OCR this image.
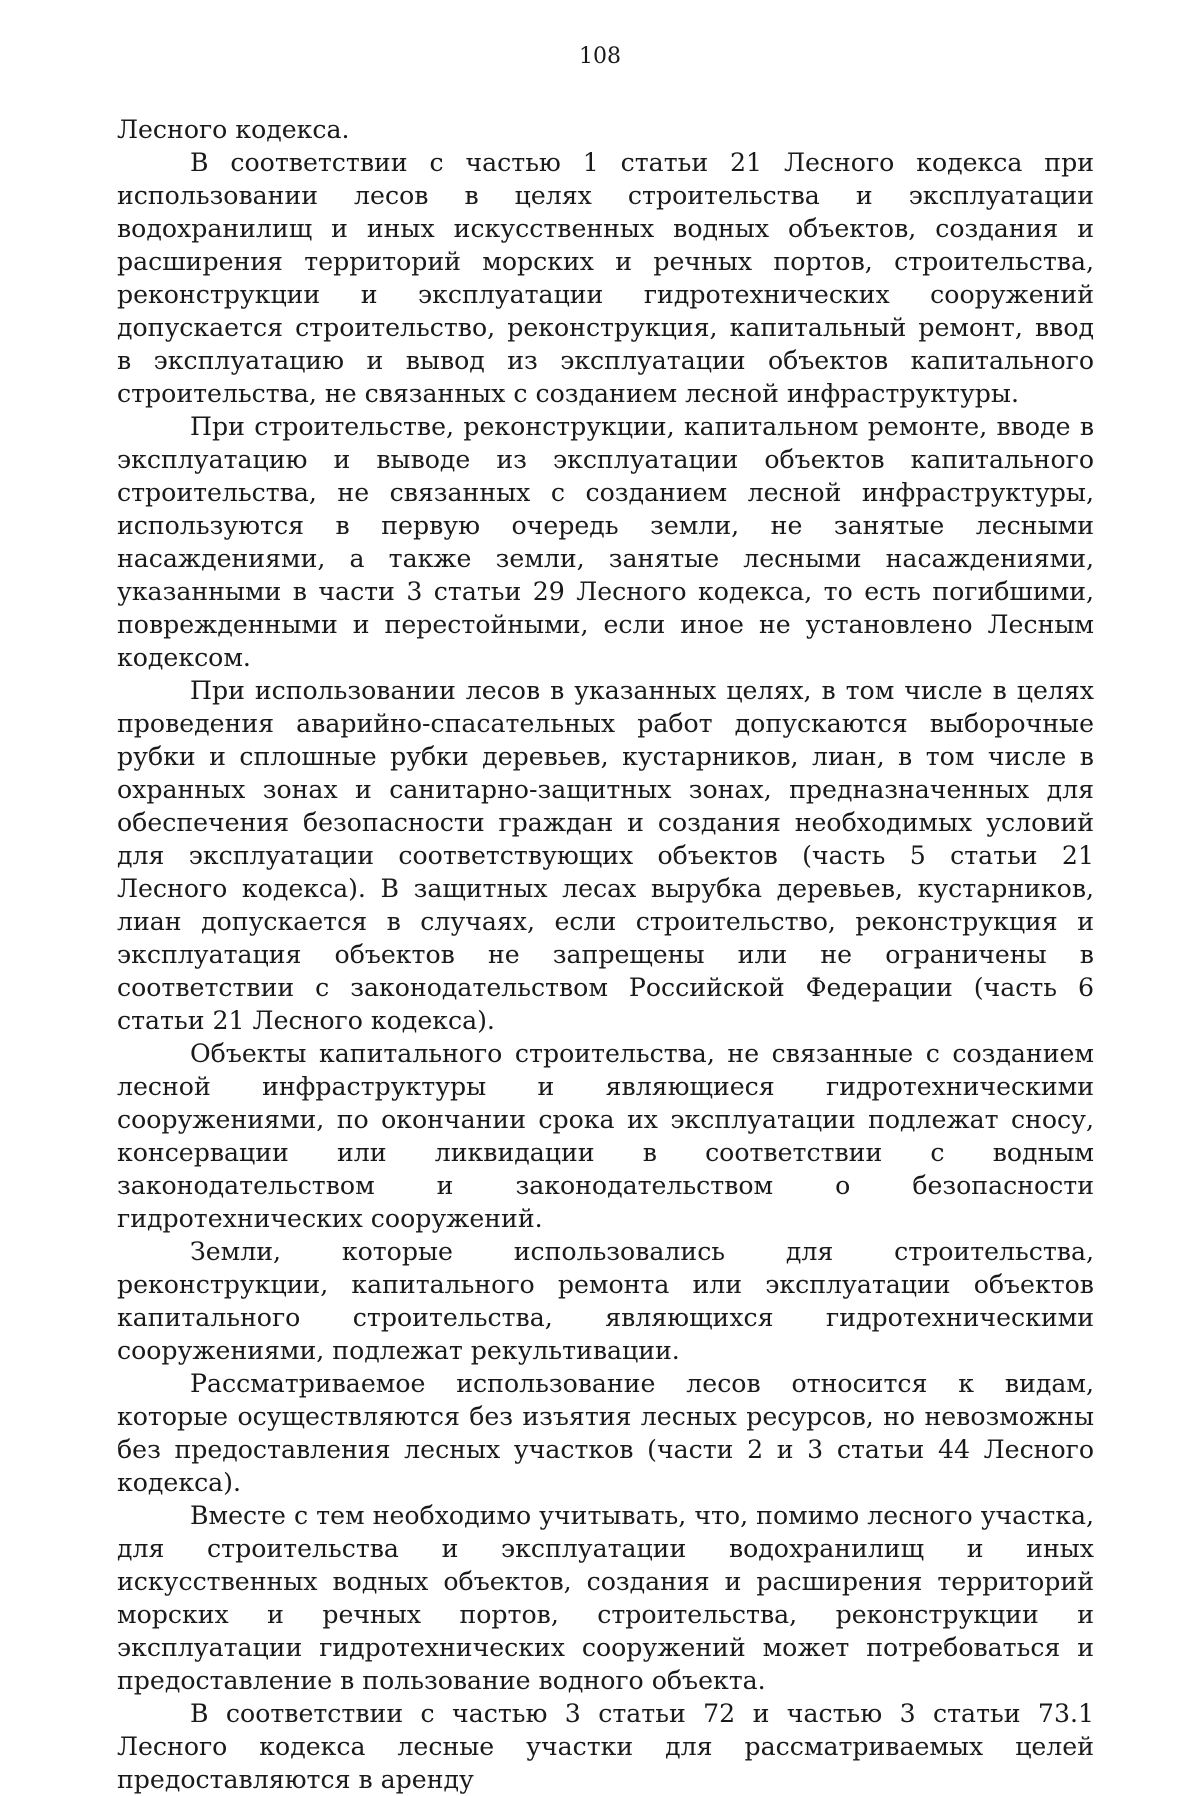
108

Лесного кодекса.

В соответствии с частью 1 статьи 21 Лесного кодекса при использовании лесов в целях строительства и эксплуатации водохранилищ и иных искусственных водных объектов, создания и расширения территорий морских и речных портов, строительства, реконструкции и эксплуатации гидротехнических сооружений допускается строительство, реконструкция, капитальный ремонт, ввод в эксплуатацию и вывод из эксплуатации объектов капитального строительства, не связанных с созданием лесной инфраструктуры.

При строительстве, реконструкции, капитальном ремонте, вводе в эксплуатацию и выводе из эксплуатации объектов капитального строительства, не связанных с созданием лесной инфраструктуры, используются в первую очередь земли, не занятые лесными насаждениями, а также земли, занятые лесными насаждениями, указанными в части 3 статьи 29 Лесного кодекса, то есть погибшими, поврежденными и перестойными, если иное не установлено Лесным кодексом.

При использовании лесов в указанных целях, в том числе в целях проведения аварийно-спасательных работ допускаются выборочные рубки и сплошные рубки деревьев, кустарников, лиан, в том числе в охранных зонах и санитарно-защитных зонах, предназначенных для обеспечения безопасности граждан и создания необходимых условий для эксплуатации соответствующих объектов (часть 5 статьи 21 Лесного кодекса). В защитных лесах вырубка деревьев, кустарников, лиан допускается в случаях, если строительство, реконструкция и эксплуатация объектов не запрещены или не ограничены в соответствии с законодательством Российской Федерации (часть 6 статьи 21 Лесного кодекса).

Объекты капитального строительства, не связанные с созданием лесной инфраструктуры и являющиеся гидротехническими сооружениями, по окончании срока их эксплуатации подлежат сносу, консервации или ликвидации в соответствии с водным законодательством и законодательством о безопасности гидротехнических сооружений.

Земли, которые использовались для строительства, реконструкции, капитального ремонта или эксплуатации объектов капитального строительства, являющихся гидротехническими сооружениями, подлежат рекультивации.

Рассматриваемое использование лесов относится к видам, которые осуществляются без изъятия лесных ресурсов, но невозможны без предоставления лесных участков (части 2 и 3 статьи 44 Лесного кодекса).

Вместе с тем необходимо учитывать, что, помимо лесного участка, для строительства и эксплуатации водохранилищ и иных искусственных водных объектов, создания и расширения территорий морских и речных портов, строительства, реконструкции и эксплуатации гидротехнических сооружений может потребоваться и предоставление в пользование водного объекта.

В соответствии с частью 3 статьи 72 и частью 3 статьи 73.1 Лесного кодекса лесные участки для рассматриваемых целей предоставляются в аренду
